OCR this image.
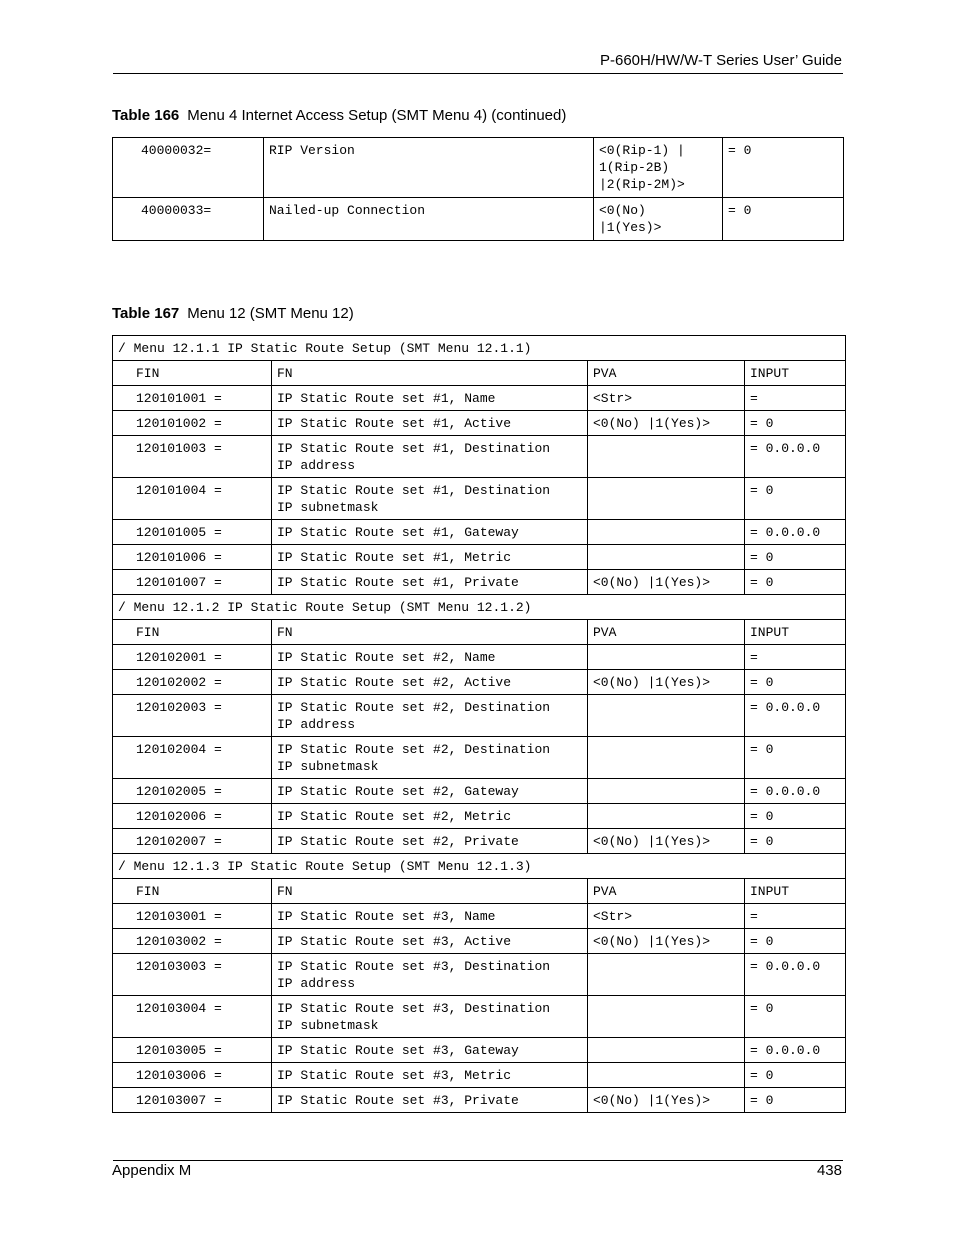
P-660H/HW/W-T Series User’ Guide
Table 166 Menu 4 Internet Access Setup (SMT Menu 4) (continued)
40000032=	RIP Version	<0(Rip-1) |
1(Rip-2B)
|2(Rip-2M)>	= 0
40000033=	Nailed-up Connection	<0(No)
|1(Yes)>	= 0
Table 167 Menu 12 (SMT Menu 12)
/ Menu 12.1.1 IP Static Route Setup (SMT Menu 12.1.1)			
FIN	FN	PVA	INPUT
120101001 =	IP Static Route set #1, Name	<Str>	=
120101002 =	IP Static Route set #1, Active	<0(No) |1(Yes)>	= 0
120101003 =	IP Static Route set #1, Destination
IP address		= 0.0.0.0
120101004 =	IP Static Route set #1, Destination
IP subnetmask		= 0
120101005 =	IP Static Route set #1, Gateway		= 0.0.0.0
120101006 =	IP Static Route set #1, Metric		= 0
120101007 =	IP Static Route set #1, Private	<0(No) |1(Yes)>	= 0
/ Menu 12.1.2 IP Static Route Setup (SMT Menu 12.1.2)			
FIN	FN	PVA	INPUT
120102001 =	IP Static Route set #2, Name		=
120102002 =	IP Static Route set #2, Active	<0(No) |1(Yes)>	= 0
120102003 =	IP Static Route set #2, Destination
IP address		= 0.0.0.0
120102004 =	IP Static Route set #2, Destination
IP subnetmask		= 0
120102005 =	IP Static Route set #2, Gateway		= 0.0.0.0
120102006 =	IP Static Route set #2, Metric		= 0
120102007 =	IP Static Route set #2, Private	<0(No) |1(Yes)>	= 0
/ Menu 12.1.3 IP Static Route Setup (SMT Menu 12.1.3)			
FIN	FN	PVA	INPUT
120103001 =	IP Static Route set #3, Name	<Str>	=
120103002 =	IP Static Route set #3, Active	<0(No) |1(Yes)>	= 0
120103003 =	IP Static Route set #3, Destination
IP address		= 0.0.0.0
120103004 =	IP Static Route set #3, Destination
IP subnetmask		= 0
120103005 =	IP Static Route set #3, Gateway		= 0.0.0.0
120103006 =	IP Static Route set #3, Metric		= 0
120103007 =	IP Static Route set #3, Private	<0(No) |1(Yes)>	= 0
Appendix M	438
